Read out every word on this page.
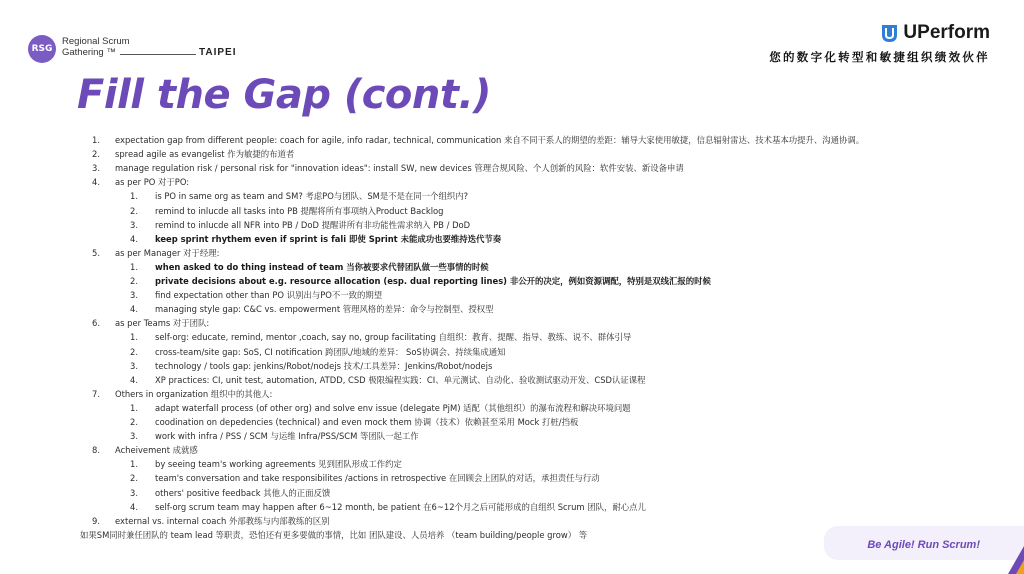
RSG
Regional Scrum
Gathering ™	TAIPEI
UPerform
您的数字化转型和敏捷组织绩效伙伴
Fill the Gap (cont.)
1. expectation gap from different people: coach for agile, info radar, technical, communication 来自不同干系人的期望的差距：辅导大家使用敏捷，信息辐射雷达、技术基本功提升、沟通协调。
2. spread agile as evangelist 作为敏捷的布道者
3. manage regulation risk / personal risk for "innovation ideas": install SW, new devices 管理合规风险、个人创新的风险：软件安装、新设备申请
4. as per PO 对于PO:
1. is PO in same org as team and SM? 考虑PO与团队、SM是不是在同一个组织内?
2. remind to inlucde all tasks into PB 提醒将所有事项纳入Product Backlog
3. remind to inlucde all NFR into PB / DoD 提醒讲所有非功能性需求纳入 PB / DoD
4. keep sprint rhythem even if sprint is fali 即使 Sprint 未能成功也要维持迭代节奏
5. as per Manager 对于经理:
1. when asked to do thing instead of team 当你被要求代替团队做一些事情的时候
2. private decisions about e.g. resource allocation (esp. dual reporting lines) 非公开的决定，例如资源调配，特别是双线汇报的时候
3. find expectation other than PO 识别出与PO不一致的期望
4. managing style gap: C&C vs. empowerment 管理风格的差异：命令与控制型、授权型
6. as per Teams 对于团队:
1. self-org: educate, remind, mentor ,coach, say no, group facilitating 自组织：教育、提醒、指导、教练、说不、群体引导
2. cross-team/site gap: SoS, CI notification 跨团队/地域的差异： SoS协调会、持续集成通知
3. technology / tools gap: jenkins/Robot/nodejs 技术/工具差异：Jenkins/Robot/nodejs
4. XP practices: CI, unit test, automation, ATDD, CSD 极限编程实践：CI、单元测试、自动化、验收测试驱动开发、CSD认证课程
7. Others in organization 组织中的其他人:
1. adapt waterfall process (of other org) and solve env issue (delegate PjM) 适配（其他组织）的瀑布流程和解决环境问题
2. coodination on depedencies (technical) and even mock them 协调（技术）依赖甚至采用 Mock 打桩/挡板
3. work with infra / PSS / SCM 与运维 Infra/PSS/SCM 等团队一起工作
8. Acheivement 成就感
1. by seeing team's working agreements 见到团队形成工作约定
2. team's conversation and take responsibilites /actions in retrospective 在回顾会上团队的对话，承担责任与行动
3. others' positive feedback 其他人的正面反馈
4. self-org scrum team may happen after 6~12 month, be patient 在6~12个月之后可能形成的自组织 Scrum 团队，耐心点儿
9. external vs. internal coach 外部教练与内部教练的区别
如果SM同时兼任团队的 team lead 等职责，恐怕还有更多要做的事情，比如 团队建设、人员培养 （team building/people grow） 等
Be Agile! Run Scrum!
